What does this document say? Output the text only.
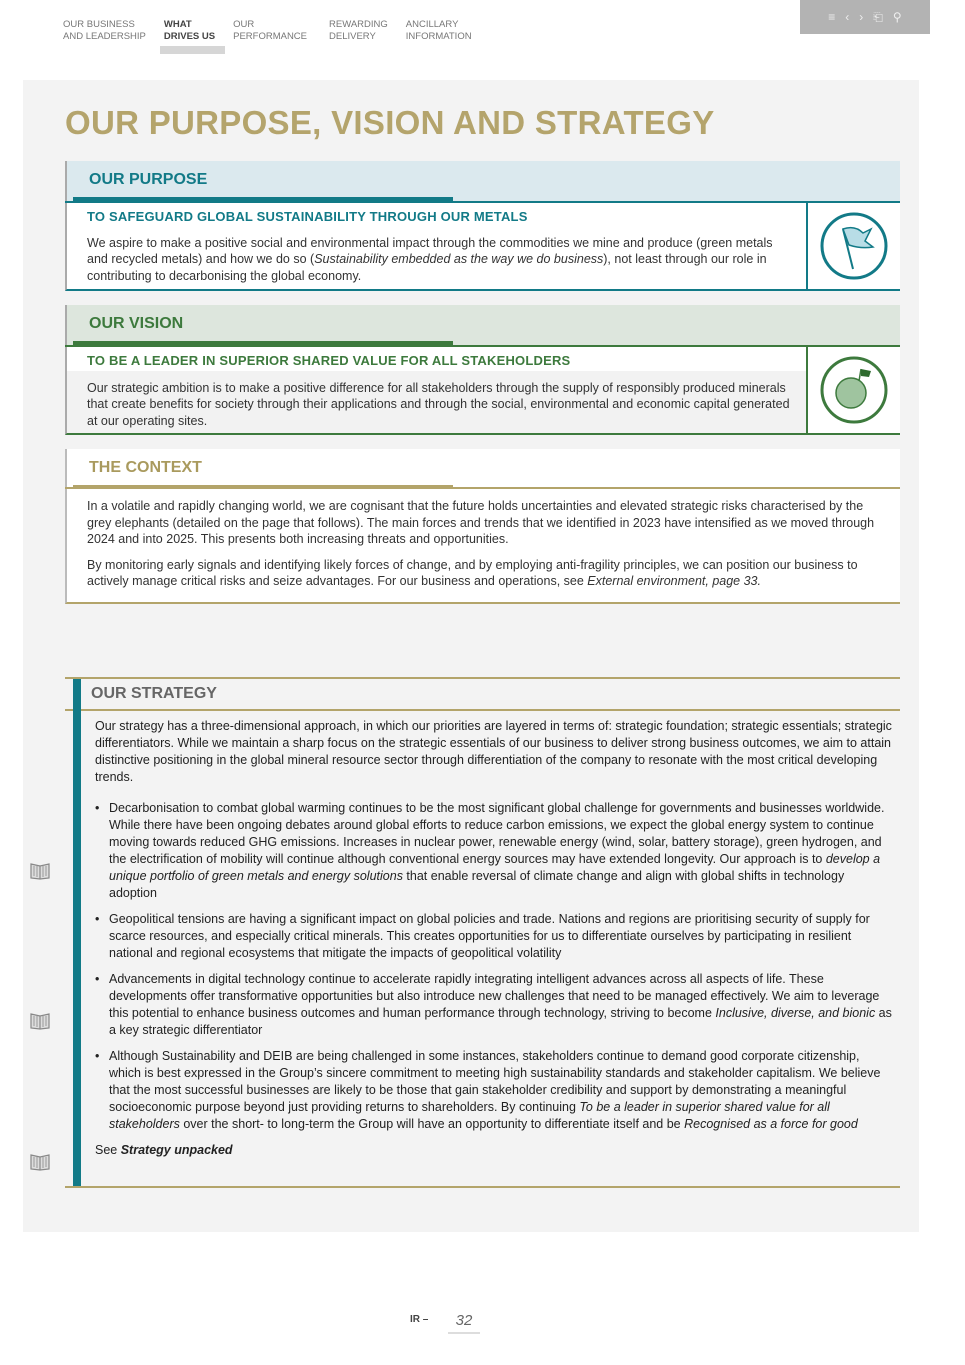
OUR BUSINESS
AND LEADERSHIP
WHAT
DRIVES US
OUR
PERFORMANCE
REWARDING
DELIVERY
ANCILLARY
INFORMATION
≡ ‹ › ⎗ ⚲
OUR PURPOSE, VISION AND STRATEGY
OUR PURPOSE
TO SAFEGUARD GLOBAL SUSTAINABILITY THROUGH OUR METALS
We aspire to make a positive social and environmental impact through the commodities we mine and produce (green metals and recycled metals) and how we do so (Sustainability embedded as the way we do business), not least through our role in contributing to decarbonising the global economy.
OUR VISION
TO BE A LEADER IN SUPERIOR SHARED VALUE FOR ALL STAKEHOLDERS
Our strategic ambition is to make a positive difference for all stakeholders through the supply of responsibly produced minerals that create benefits for society through their applications and through the social, environmental and economic capital generated at our operating sites.
THE CONTEXT

In a volatile and rapidly changing world, we are cognisant that the future holds uncertainties and elevated strategic risks characterised by the grey elephants (detailed on the page that follows). The main forces and trends that we identified in 2023 have intensified as we moved through 2024 and into 2025. This presents both increasing threats and opportunities.

By monitoring early signals and identifying likely forces of change, and by employing anti-fragility principles, we can position our business to actively manage critical risks and seize advantages. For our business and operations, see External environment, page 33.

OUR STRATEGY

Our strategy has a three-dimensional approach, in which our priorities are layered in terms of: strategic foundation; strategic essentials; strategic differentiators. While we maintain a sharp focus on the strategic essentials of our business to deliver strong business outcomes, we aim to attain distinctive positioning in the global mineral resource sector through differentiation of the company to resonate with the most critical developing trends.

• Decarbonisation to combat global warming continues to be the most significant global challenge for governments and businesses worldwide. While there have been ongoing debates around global efforts to reduce carbon emissions, we expect the global energy system to continue moving towards reduced GHG emissions. Increases in nuclear power, renewable energy (wind, solar, battery storage), green hydrogen, and the electrification of mobility will continue although conventional energy sources may have extended longevity. Our approach is to develop a unique portfolio of green metals and energy solutions that enable reversal of climate change and align with global shifts in technology adoption
• Geopolitical tensions are having a significant impact on global policies and trade. Nations and regions are prioritising security of supply for scarce resources, and especially critical minerals. This creates opportunities for us to differentiate ourselves by participating in resilient national and regional ecosystems that mitigate the impacts of geopolitical volatility
• Advancements in digital technology continue to accelerate rapidly integrating intelligent advances across all aspects of life. These developments offer transformative opportunities but also introduce new challenges that need to be managed effectively. We aim to leverage this potential to enhance business outcomes and human performance through technology, striving to become Inclusive, diverse, and bionic as a key strategic differentiator
• Although Sustainability and DEIB are being challenged in some instances, stakeholders continue to demand good corporate citizenship, which is best expressed in the Group’s sincere commitment to meeting high sustainability standards and stakeholder capitalism. We believe that the most successful businesses are likely to be those that gain stakeholder credibility and support by demonstrating a meaningful socioeconomic purpose beyond just providing returns to shareholders. By continuing To be a leader in superior shared value for all stakeholders over the short- to long-term the Group will have an opportunity to differentiate itself and be Recognised as a force for good
See Strategy unpacked
IR –	32
